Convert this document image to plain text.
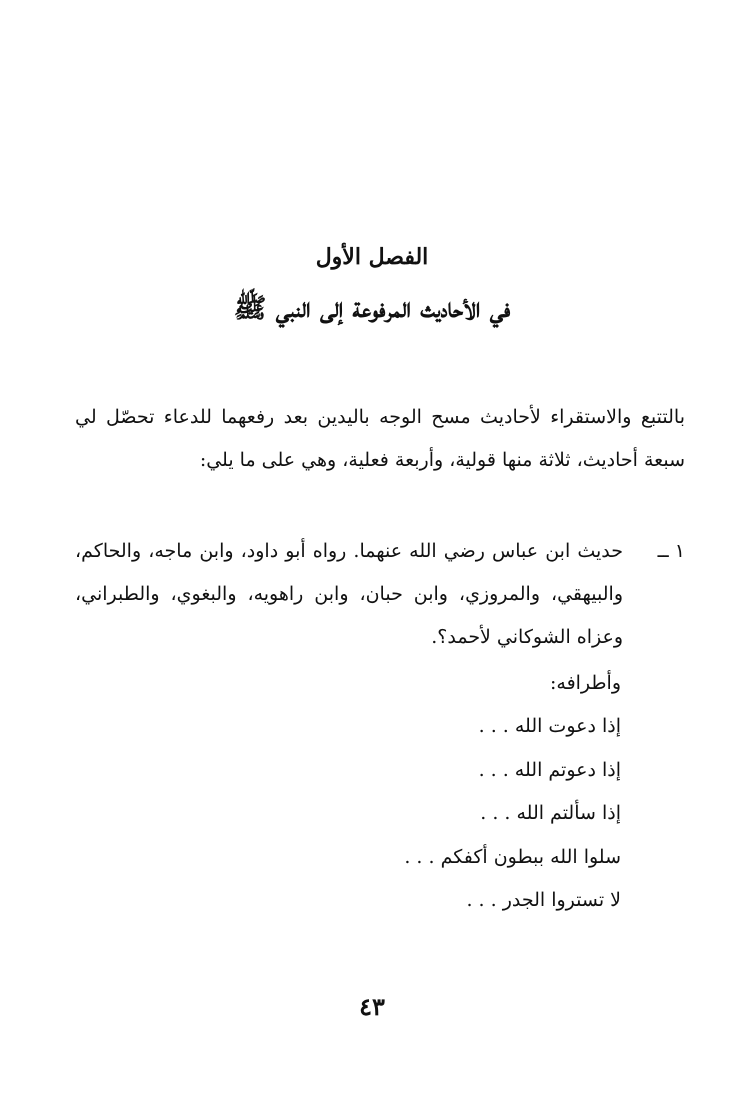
الفصل الأول
في الأحاديث المرفوعة إلى النبي ﷺ

بالتتبع والاستقراء لأحاديث مسح الوجه باليدين بعد رفعهما للدعاء تحصّل لي سبعة أحاديث، ثلاثة منها قولية، وأربعة فعلية، وهي على ما يلي:

١ ــ

حديث ابن عباس رضي الله عنهما. رواه أبو داود، وابن ماجه، والحاكم، والبيهقي، والمروزي، وابن حبان، وابن راهويه، والبغوي، والطبراني، وعزاه الشوكاني لأحمد؟.

وأطرافه:

إذا دعوت الله . . .
إذا دعوتم الله . . .
إذا سألتم الله . . .
سلوا الله ببطون أكفكم . . .
لا تستروا الجدر . . .

٤٣
